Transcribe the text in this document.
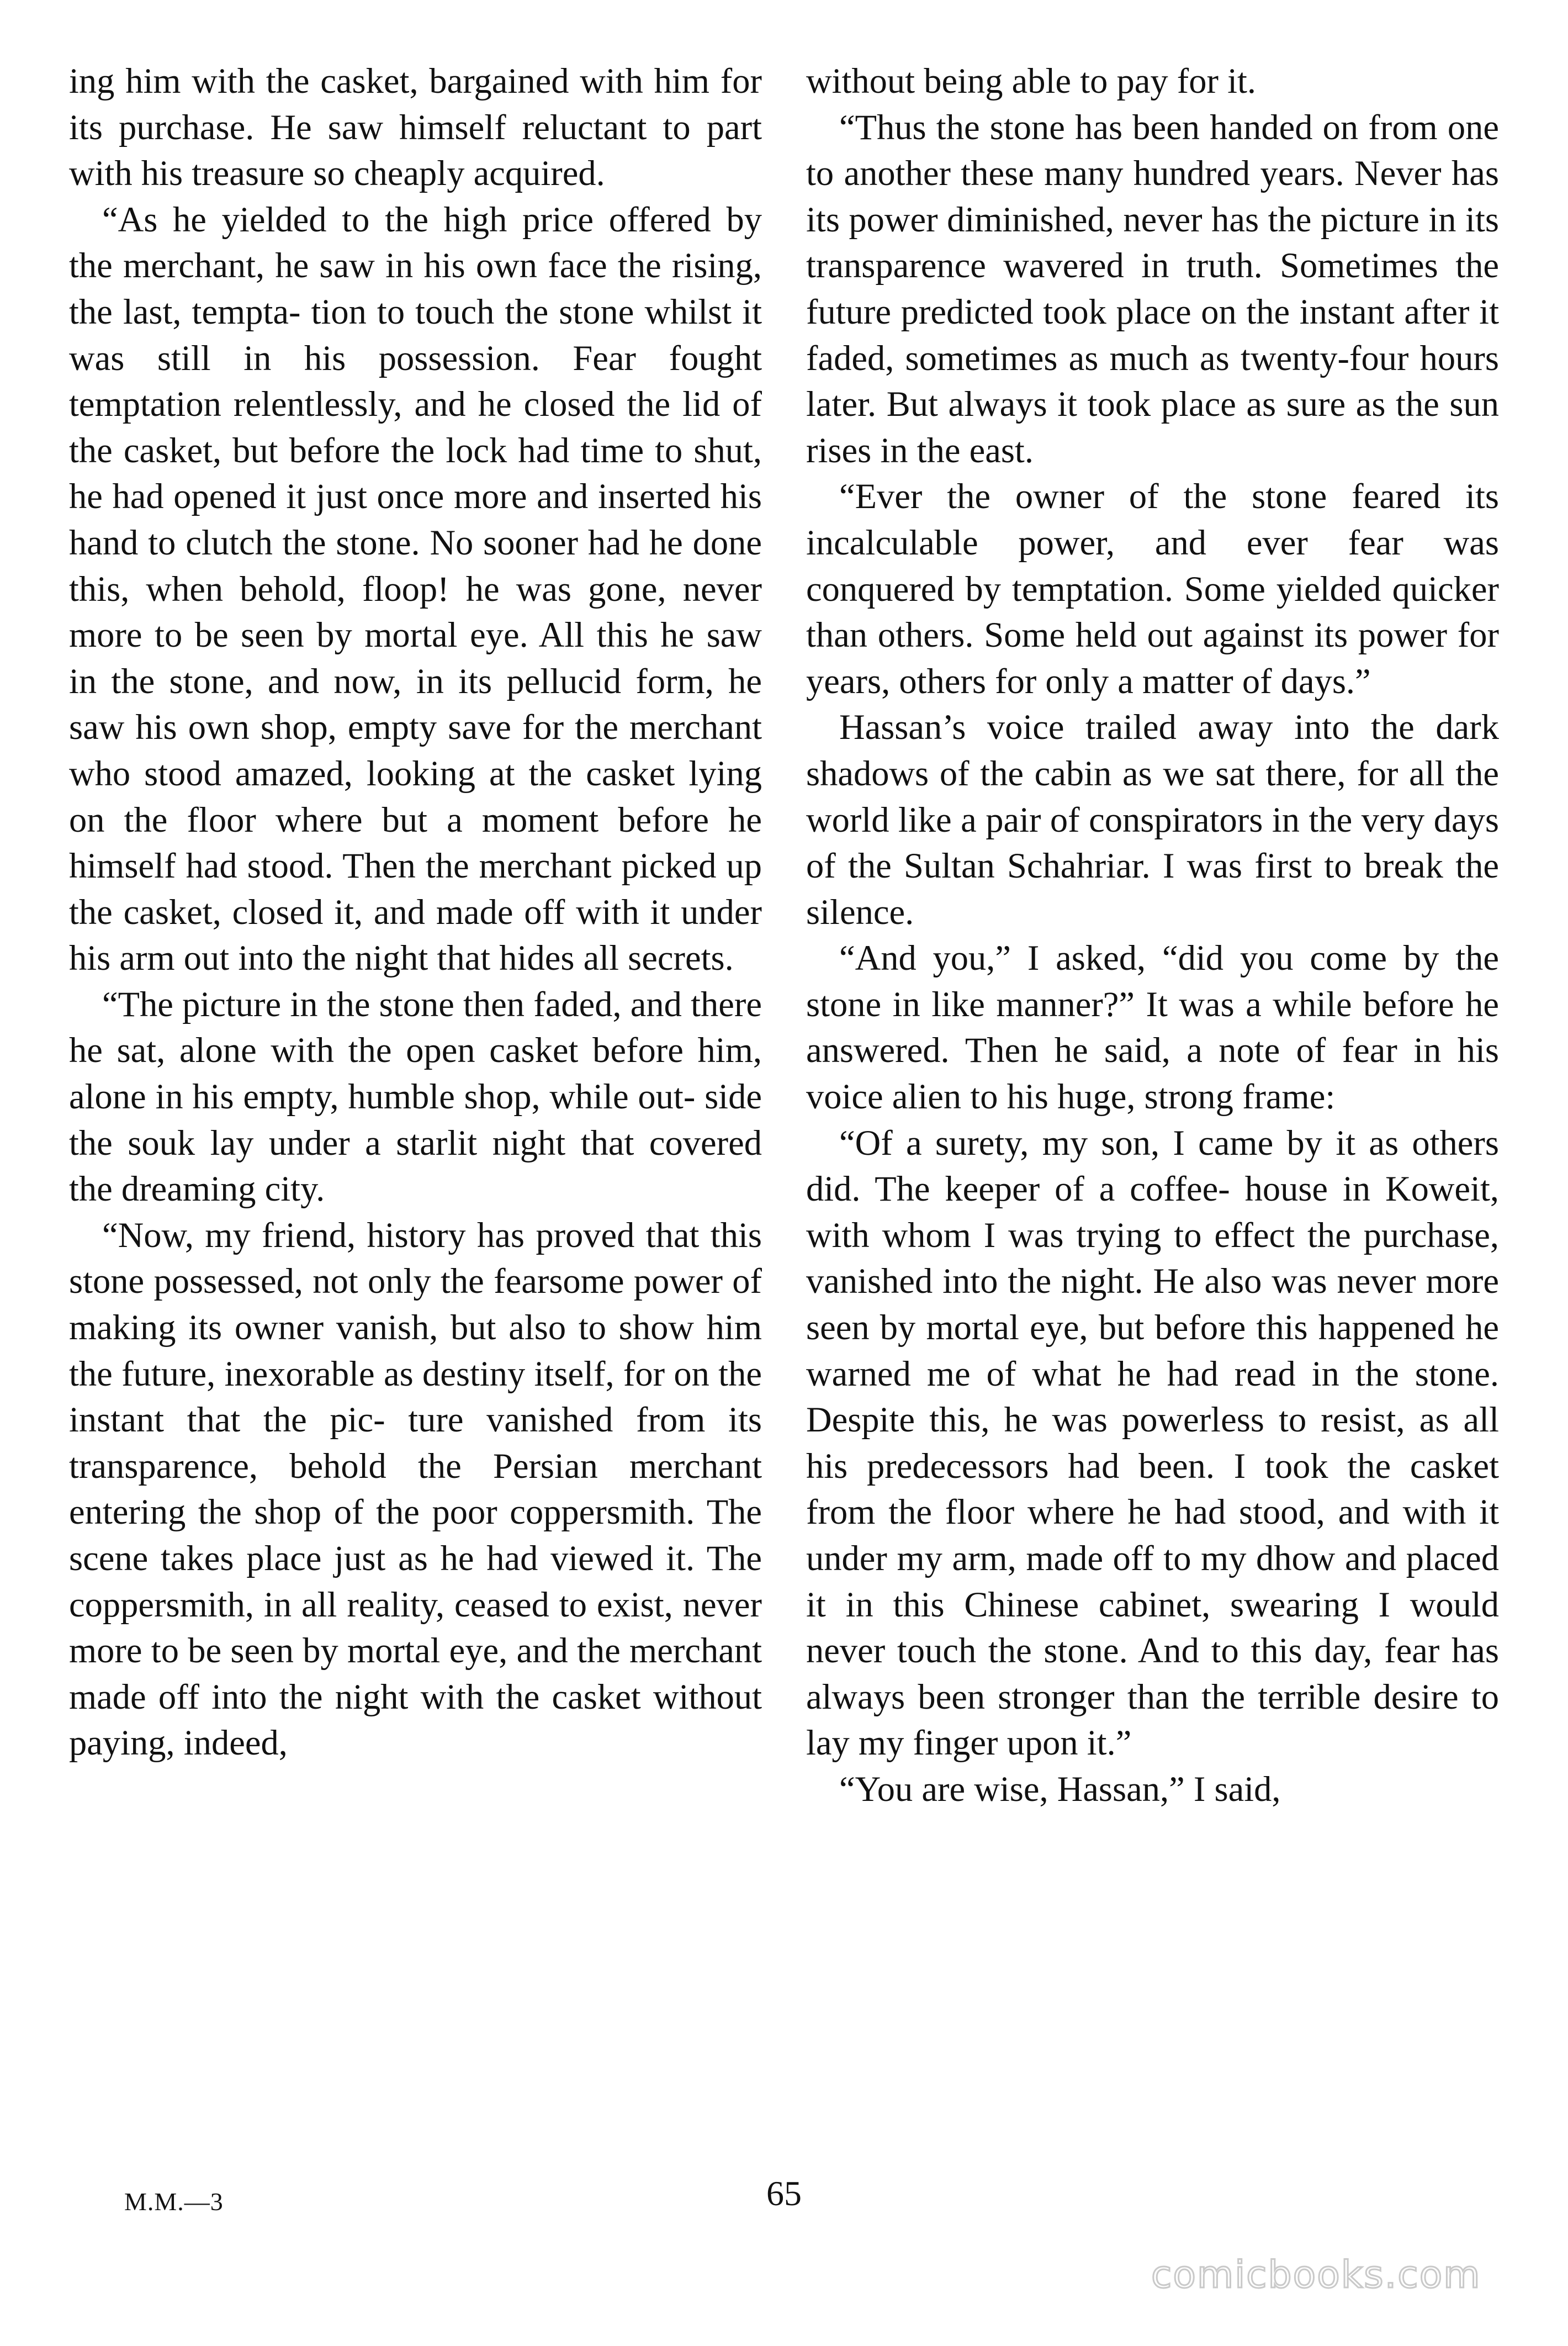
ing him with the casket, bargained with him for its purchase. He saw himself reluctant to part with his treasure so cheaply acquired.

“As he yielded to the high price offered by the merchant, he saw in his own face the rising, the last, tempta- tion to touch the stone whilst it was still in his possession. Fear fought temptation relentlessly, and he closed the lid of the casket, but before the lock had time to shut, he had opened it just once more and inserted his hand to clutch the stone. No sooner had he done this, when behold, floop! he was gone, never more to be seen by mortal eye. All this he saw in the stone, and now, in its pellucid form, he saw his own shop, empty save for the merchant who stood amazed, looking at the casket lying on the floor where but a moment before he himself had stood. Then the merchant picked up the casket, closed it, and made off with it under his arm out into the night that hides all secrets.

“The picture in the stone then faded, and there he sat, alone with the open casket before him, alone in his empty, humble shop, while out- side the souk lay under a starlit night that covered the dreaming city.

“Now, my friend, history has proved that this stone possessed, not only the fearsome power of making its owner vanish, but also to show him the future, inexorable as destiny itself, for on the instant that the pic- ture vanished from its transparence, behold the Persian merchant entering the shop of the poor coppersmith. The scene takes place just as he had viewed it. The coppersmith, in all reality, ceased to exist, never more to be seen by mortal eye, and the merchant made off into the night with the casket without paying, indeed,

without being able to pay for it.

“Thus the stone has been handed on from one to another these many hundred years. Never has its power diminished, never has the picture in its transparence wavered in truth. Sometimes the future predicted took place on the instant after it faded, sometimes as much as twenty-four hours later. But always it took place as sure as the sun rises in the east.

“Ever the owner of the stone feared its incalculable power, and ever fear was conquered by temptation. Some yielded quicker than others. Some held out against its power for years, others for only a matter of days.”

Hassan’s voice trailed away into the dark shadows of the cabin as we sat there, for all the world like a pair of conspirators in the very days of the Sultan Schahriar. I was first to break the silence.

“And you,” I asked, “did you come by the stone in like manner?” It was a while before he answered. Then he said, a note of fear in his voice alien to his huge, strong frame:

“Of a surety, my son, I came by it as others did. The keeper of a coffee- house in Koweit, with whom I was trying to effect the purchase, vanished into the night. He also was never more seen by mortal eye, but before this happened he warned me of what he had read in the stone. Despite this, he was powerless to resist, as all his predecessors had been. I took the casket from the floor where he had stood, and with it under my arm, made off to my dhow and placed it in this Chinese cabinet, swearing I would never touch the stone. And to this day, fear has always been stronger than the terrible desire to lay my finger upon it.”

“You are wise, Hassan,” I said,

M.M.—3	65
comicbooks.com
